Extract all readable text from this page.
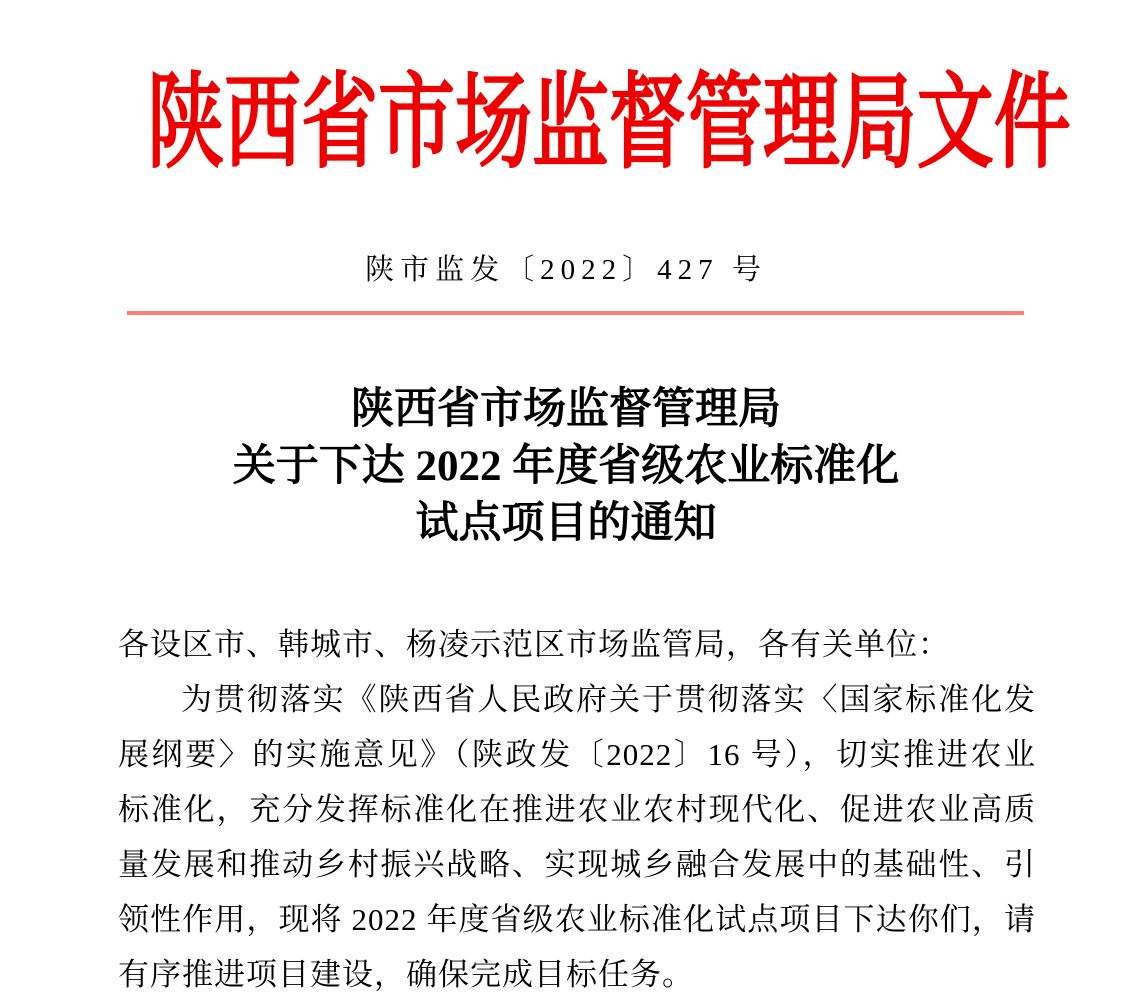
陕西省市场监督管理局文件
陕市监发〔2022〕427 号
陕西省市场监督管理局
关于下达 2022 年度省级农业标准化
试点项目的通知
各设区市、韩城市、杨凌示范区市场监管局，各有关单位：
为贯彻落实《陕西省人民政府关于贯彻落实〈国家标准化发
展纲要〉的实施意见》（陕政发〔2022〕16 号），切实推进农业
标准化，充分发挥标准化在推进农业农村现代化、促进农业高质
量发展和推动乡村振兴战略、实现城乡融合发展中的基础性、引
领性作用，现将 2022 年度省级农业标准化试点项目下达你们，请
有序推进项目建设，确保完成目标任务。
